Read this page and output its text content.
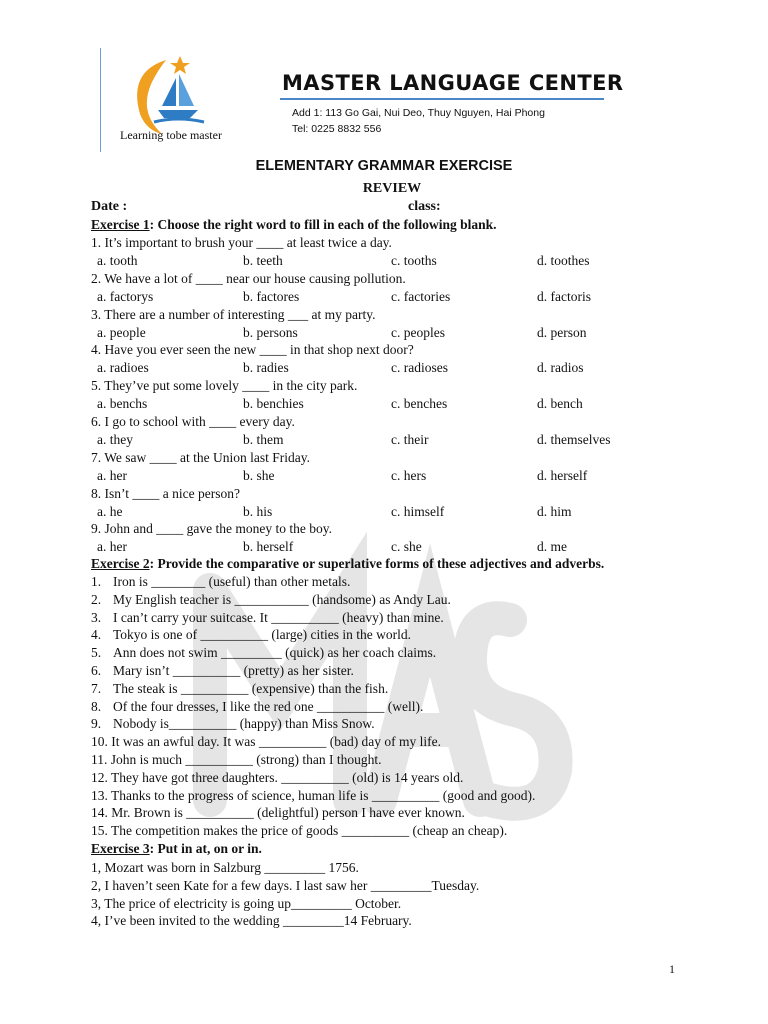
Learning tobe master
MASTER LANGUAGE CENTER
Add 1: 113 Go Gai, Nui Deo, Thuy Nguyen, Hai Phong
Tel: 0225 8832 556
ELEMENTARY GRAMMAR EXERCISE
REVIEW
Date :	class:
Exercise 1: Choose the right word to fill in each of the following blank.
1. It’s important to brush your ____ at least twice a day.
a. tooth	b. teeth	c. tooths	d. toothes
2. We have a lot of ____ near our house causing pollution.
a. factorys	b. factores	c. factories	d. factoris
3. There are a number of interesting ___ at my party.
a. people	b. persons	c. peoples	d. person
4. Have you ever seen the new ____ in that shop next door?
a. radioes	b. radies	c. radioses	d. radios
5. They’ve put some lovely ____ in the city park.
a. benchs	b. benchies	c. benches	d. bench
6. I go to school with ____ every day.
a. they	b. them	c. their	d. themselves
7. We saw ____ at the Union last Friday.
a. her	b. she	c. hers	d. herself
8. Isn’t ____ a nice person?
a. he	b. his	c. himself	d. him
9. John and ____ gave the money to the boy.
a. her	b. herself	c. she	d. me
Exercise 2: Provide the comparative or superlative forms of these adjectives and adverbs.
1. Iron is ________ (useful) than other metals.
2. My English teacher is ___________ (handsome) as Andy Lau.
3. I can’t carry your suitcase. It __________ (heavy) than mine.
4. Tokyo is one of __________ (large) cities in the world.
5. Ann does not swim _________ (quick) as her coach claims.
6. Mary isn’t __________ (pretty) as her sister.
7. The steak is __________ (expensive) than the fish.
8. Of the four dresses, I like the red one __________ (well).
9. Nobody is__________ (happy) than Miss Snow.
10. It was an awful day. It was __________ (bad) day of my life.
11. John is much __________ (strong) than I thought.
12. They have got three daughters. __________ (old) is 14 years old.
13. Thanks to the progress of science, human life is __________ (good and good).
14. Mr. Brown is __________ (delightful) person I have ever known.
15. The competition makes the price of goods __________ (cheap an cheap).
Exercise 3: Put in at, on or in.
1, Mozart was born in Salzburg _________ 1756.
2, I haven’t seen Kate for a few days. I last saw her _________Tuesday.
3, The price of electricity is going up_________ October.
4, I’ve been invited to the wedding _________14 February.
1
